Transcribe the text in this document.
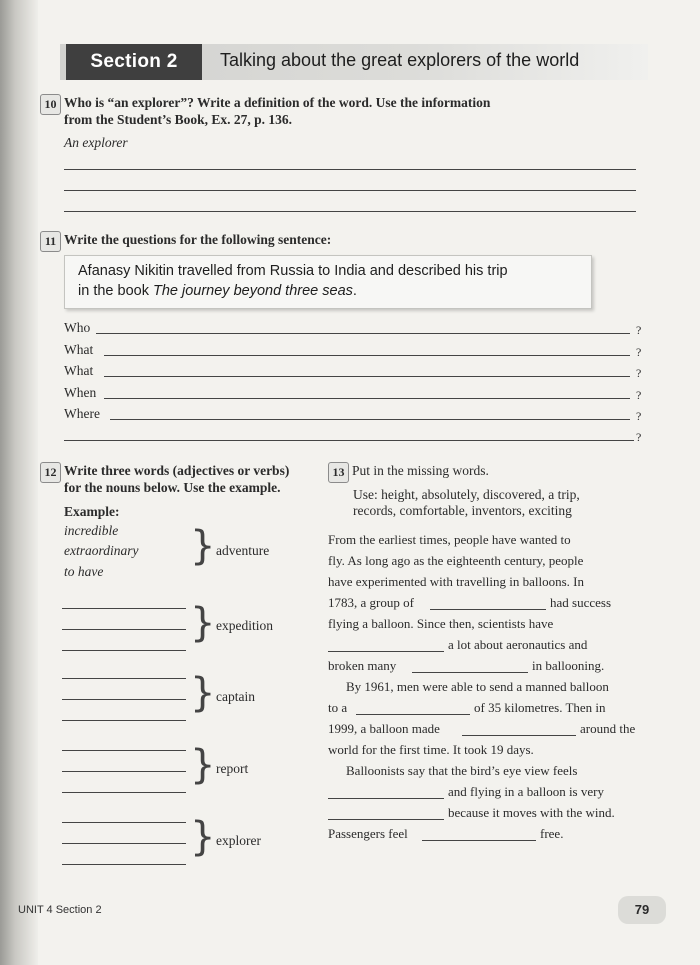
Section 2	Talking about the great explorers of the world
10 Who is “an explorer”? Write a definition of the word. Use the information
from the Student’s Book, Ex. 27, p. 136.
An explorer
11 Write the questions for the following sentence:
Afanasy Nikitin travelled from Russia to India and described his trip
in the book The journey beyond three seas.
Who	?
What	?
What	?
When	?
Where	?
?
12 Write three words (adjectives or verbs)
for the nouns below. Use the example.
Example:
incredible
extraordinary
to have
} adventure
} expedition
} captain
} report
} explorer
13 Put in the missing words.
Use: height, absolutely, discovered, a trip,
records, comfortable, inventors, exciting
From the earliest times, people have wanted to
fly. As long ago as the eighteenth century, people
have experimented with travelling in balloons. In
1783, a group of	had success
flying a balloon. Since then, scientists have
a lot about aeronautics and
broken many	in ballooning.
By 1961, men were able to send a manned balloon
to a	of 35 kilometres. Then in
1999, a balloon made	around the
world for the first time. It took 19 days.
Balloonists say that the bird’s eye view feels
and flying in a balloon is very
because it moves with the wind.
Passengers feel	free.
UNIT 4 Section 2	79
